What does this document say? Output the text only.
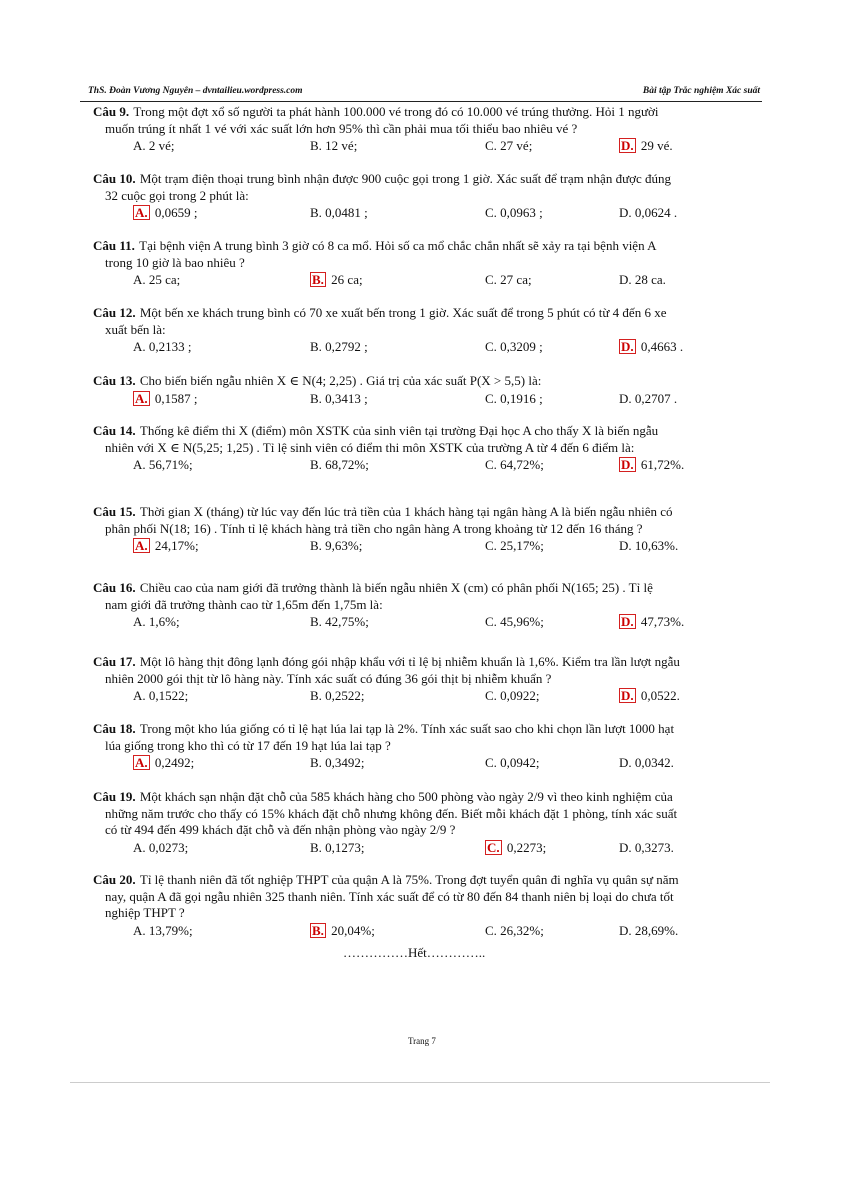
ThS. Đoàn Vương Nguyên – dvntailieu.wordpress.com	Bài tập Trắc nghiệm Xác suất
Câu 9. Trong một đợt xổ số người ta phát hành 100.000 vé trong đó có 10.000 vé trúng thưởng. Hỏi 1 người
muốn trúng ít nhất 1 vé với xác suất lớn hơn 95% thì cần phải mua tối thiểu bao nhiêu vé ?
A. 2 vé;	B. 12 vé;	C. 27 vé;	D. 29 vé.
Câu 10. Một trạm điện thoại trung bình nhận được 900 cuộc gọi trong 1 giờ. Xác suất để trạm nhận được đúng
32 cuộc gọi trong 2 phút là:
A. 0,0659 ;	B. 0,0481 ;	C. 0,0963 ;	D. 0,0624 .
Câu 11. Tại bệnh viện A trung bình 3 giờ có 8 ca mổ. Hỏi số ca mổ chắc chắn nhất sẽ xảy ra tại bệnh viện A
trong 10 giờ là bao nhiêu ?
A. 25 ca;	B. 26 ca;	C. 27 ca;	D. 28 ca.
Câu 12. Một bến xe khách trung bình có 70 xe xuất bến trong 1 giờ. Xác suất để trong 5 phút có từ 4 đến 6 xe
xuất bến là:
A. 0,2133 ;	B. 0,2792 ;	C. 0,3209 ;	D. 0,4663 .
Câu 13. Cho biến biến ngẫu nhiên X ∈ N(4; 2,25) . Giá trị của xác suất P(X > 5,5) là:
A. 0,1587 ;	B. 0,3413 ;	C. 0,1916 ;	D. 0,2707 .
Câu 14. Thống kê điểm thi X (điểm) môn XSTK của sinh viên tại trường Đại học A cho thấy X là biến ngẫu
nhiên với X ∈ N(5,25; 1,25) . Tỉ lệ sinh viên có điểm thi môn XSTK của trường A từ 4 đến 6 điểm là:
A. 56,71%;	B. 68,72%;	C. 64,72%;	D. 61,72%.
Câu 15. Thời gian X (tháng) từ lúc vay đến lúc trả tiền của 1 khách hàng tại ngân hàng A là biến ngẫu nhiên có
phân phối N(18; 16) . Tính tỉ lệ khách hàng trả tiền cho ngân hàng A trong khoảng từ 12 đến 16 tháng ?
A. 24,17%;	B. 9,63%;	C. 25,17%;	D. 10,63%.
Câu 16. Chiều cao của nam giới đã trưởng thành là biến ngẫu nhiên X (cm) có phân phối N(165; 25) . Tỉ lệ
nam giới đã trưởng thành cao từ 1,65m đến 1,75m là:
A. 1,6%;	B. 42,75%;	C. 45,96%;	D. 47,73%.
Câu 17. Một lô hàng thịt đông lạnh đóng gói nhập khẩu với tỉ lệ bị nhiễm khuẩn là 1,6%. Kiểm tra lần lượt ngẫu
nhiên 2000 gói thịt từ lô hàng này. Tính xác suất có đúng 36 gói thịt bị nhiễm khuẩn ?
A. 0,1522;	B. 0,2522;	C. 0,0922;	D. 0,0522.
Câu 18. Trong một kho lúa giống có tỉ lệ hạt lúa lai tạp là 2%. Tính xác suất sao cho khi chọn lần lượt 1000 hạt
lúa giống trong kho thì có từ 17 đến 19 hạt lúa lai tạp ?
A. 0,2492;	B. 0,3492;	C. 0,0942;	D. 0,0342.
Câu 19. Một khách sạn nhận đặt chỗ của 585 khách hàng cho 500 phòng vào ngày 2/9 vì theo kinh nghiệm của
những năm trước cho thấy có 15% khách đặt chỗ nhưng không đến. Biết mỗi khách đặt 1 phòng, tính xác suất
có từ 494 đến 499 khách đặt chỗ và đến nhận phòng vào ngày 2/9 ?
A. 0,0273;	B. 0,1273;	C. 0,2273;	D. 0,3273.
Câu 20. Tỉ lệ thanh niên đã tốt nghiệp THPT của quận A là 75%. Trong đợt tuyển quân đi nghĩa vụ quân sự năm
nay, quận A đã gọi ngẫu nhiên 325 thanh niên. Tính xác suất để có từ 80 đến 84 thanh niên bị loại do chưa tốt
nghiệp THPT ?
A. 13,79%;	B. 20,04%;	C. 26,32%;	D. 28,69%.
……………Hết…………..
Trang 7
